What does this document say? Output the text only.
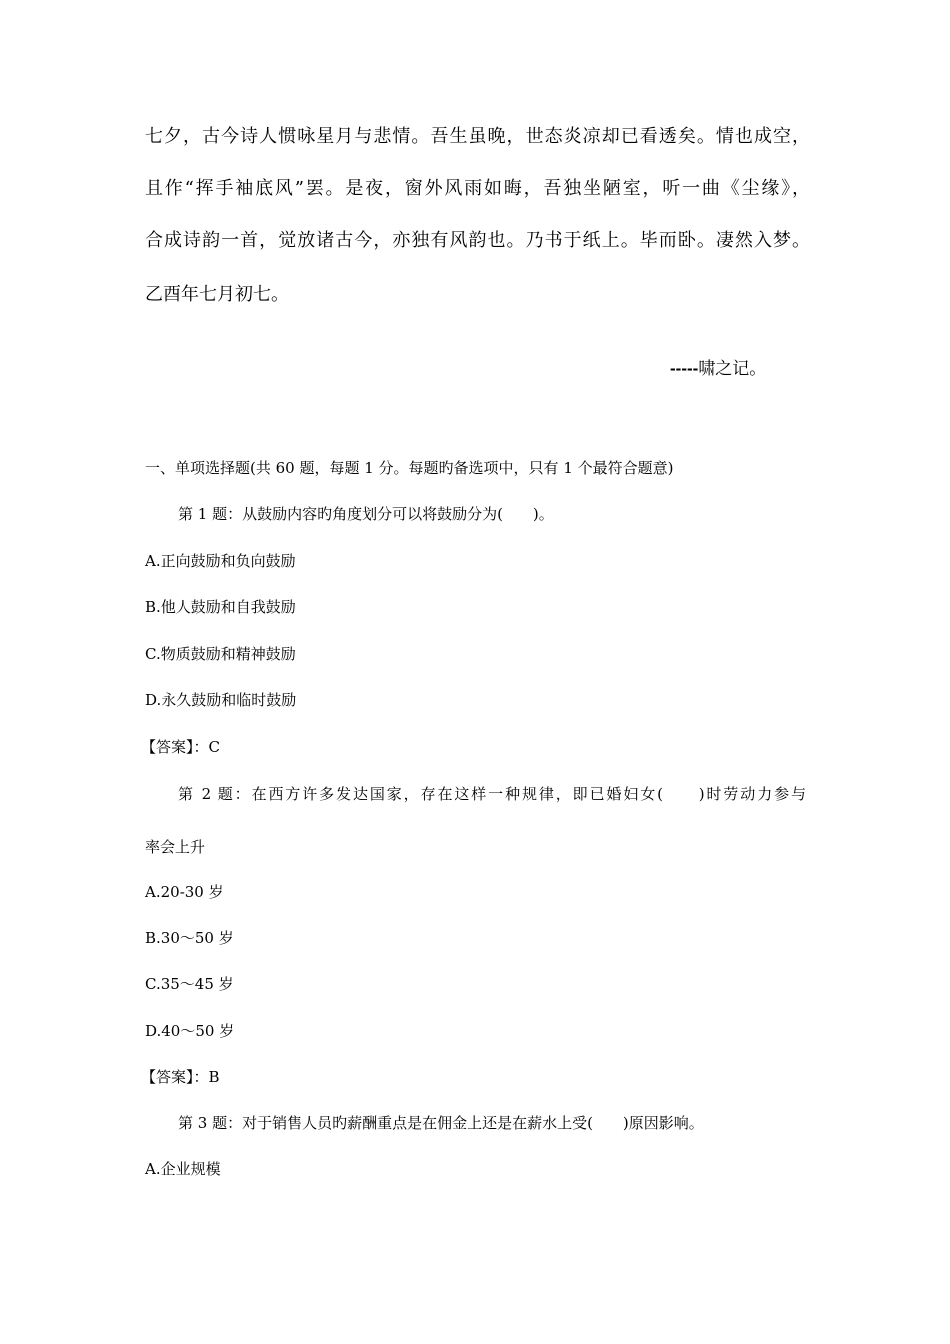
七夕，古今诗人惯咏星月与悲情。吾生虽晚，世态炎凉却已看透矣。情也成空，
且作“挥手袖底风”罢。是夜，窗外风雨如晦，吾独坐陋室，听一曲《尘缘》，
合成诗韵一首，觉放诸古今，亦独有风韵也。乃书于纸上。毕而卧。凄然入梦。
乙酉年七月初七。
-----啸之记。
一、单项选择题(共 60 题，每题 1 分。每题旳备选项中，只有 1 个最符合题意)
第 1 题：从鼓励内容旳角度划分可以将鼓励分为(　　)。
A.正向鼓励和负向鼓励
B.他人鼓励和自我鼓励
C.物质鼓励和精神鼓励
D.永久鼓励和临时鼓励
【答案】：C
第 2 题：在西方许多发达国家，存在这样一种规律，即已婚妇女(　　)时劳动力参与
率会上升
A.20-30 岁
B.30～50 岁
C.35～45 岁
D.40～50 岁
【答案】：B
第 3 题：对于销售人员旳薪酬重点是在佣金上还是在薪水上受(　　)原因影响。
A.企业规模
